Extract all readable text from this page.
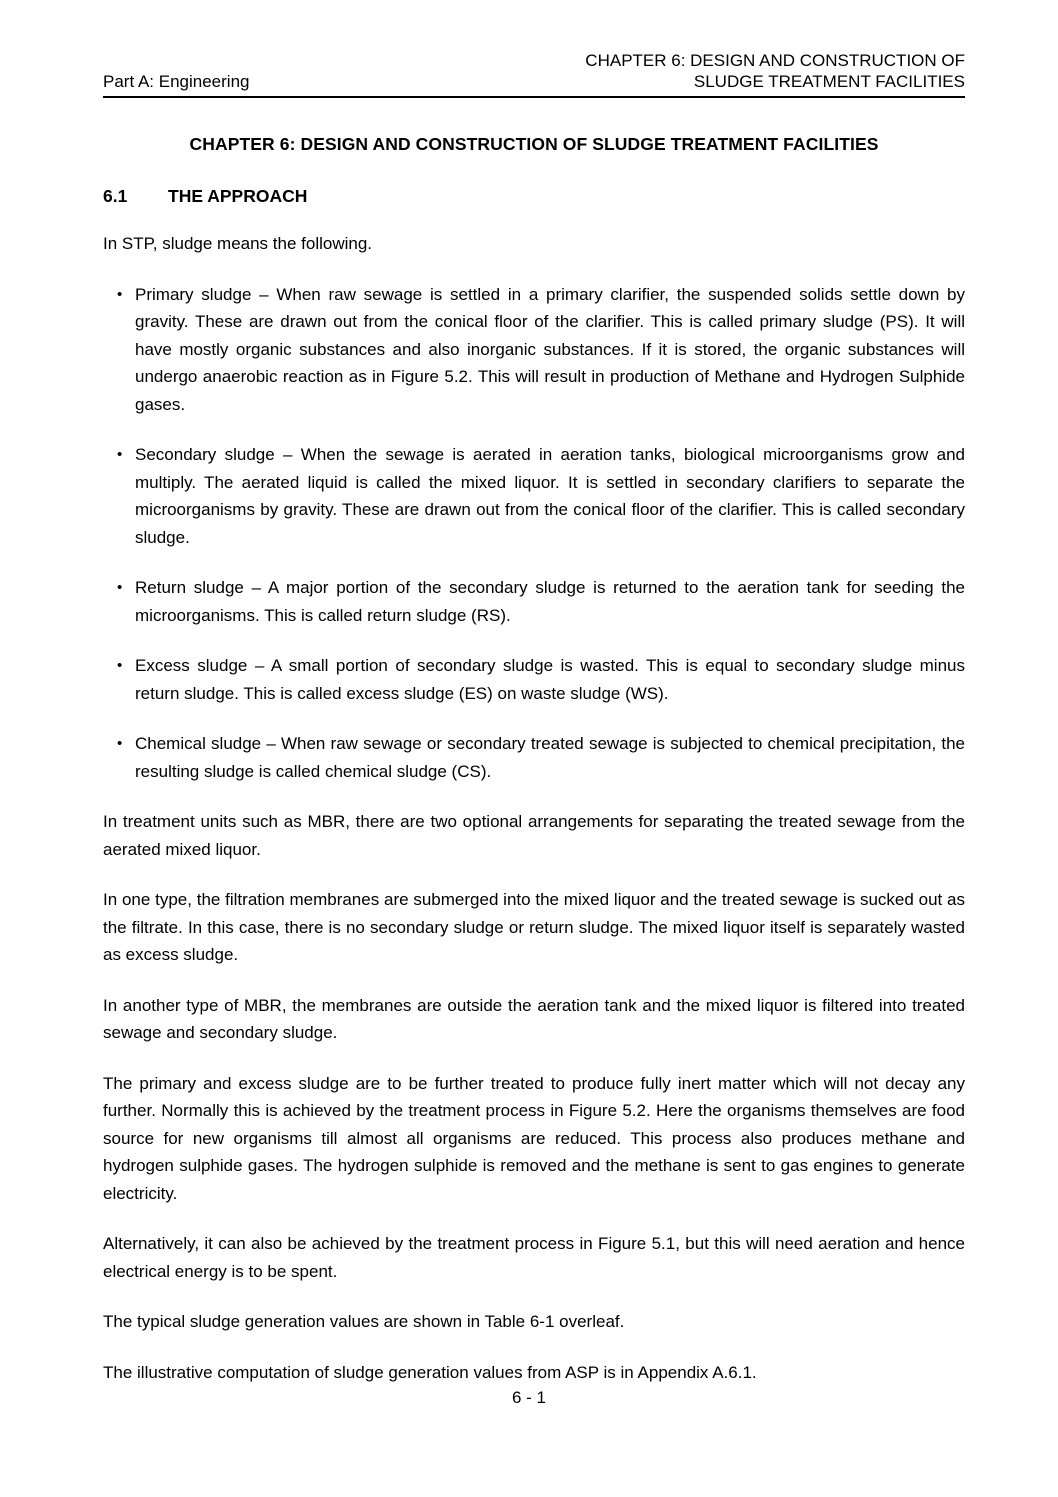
Part A: Engineering
CHAPTER 6: DESIGN AND CONSTRUCTION OF
SLUDGE TREATMENT FACILITIES
CHAPTER 6: DESIGN AND CONSTRUCTION OF SLUDGE TREATMENT FACILITIES
6.1 THE APPROACH

In STP, sludge means the following.

• Primary sludge – When raw sewage is settled in a primary clarifier, the suspended solids settle down by gravity. These are drawn out from the conical floor of the clarifier. This is called primary sludge (PS). It will have mostly organic substances and also inorganic substances. If it is stored, the organic substances will undergo anaerobic reaction as in Figure 5.2. This will result in production of Methane and Hydrogen Sulphide gases.
• Secondary sludge – When the sewage is aerated in aeration tanks, biological microorganisms grow and multiply. The aerated liquid is called the mixed liquor. It is settled in secondary clarifiers to separate the microorganisms by gravity. These are drawn out from the conical floor of the clarifier. This is called secondary sludge.
• Return sludge – A major portion of the secondary sludge is returned to the aeration tank for seeding the microorganisms. This is called return sludge (RS).
• Excess sludge – A small portion of secondary sludge is wasted. This is equal to secondary sludge minus return sludge. This is called excess sludge (ES) on waste sludge (WS).
• Chemical sludge – When raw sewage or secondary treated sewage is subjected to chemical precipitation, the resulting sludge is called chemical sludge (CS).

In treatment units such as MBR, there are two optional arrangements for separating the treated sewage from the aerated mixed liquor.

In one type, the filtration membranes are submerged into the mixed liquor and the treated sewage is sucked out as the filtrate. In this case, there is no secondary sludge or return sludge. The mixed liquor itself is separately wasted as excess sludge.

In another type of MBR, the membranes are outside the aeration tank and the mixed liquor is filtered into treated sewage and secondary sludge.

The primary and excess sludge are to be further treated to produce fully inert matter which will not decay any further. Normally this is achieved by the treatment process in Figure 5.2. Here the organisms themselves are food source for new organisms till almost all organisms are reduced. This process also produces methane and hydrogen sulphide gases. The hydrogen sulphide is removed and the methane is sent to gas engines to generate electricity.

Alternatively, it can also be achieved by the treatment process in Figure 5.1, but this will need aeration and hence electrical energy is to be spent.

The typical sludge generation values are shown in Table 6-1 overleaf.

The illustrative computation of sludge generation values from ASP is in Appendix A.6.1.

6 - 1
